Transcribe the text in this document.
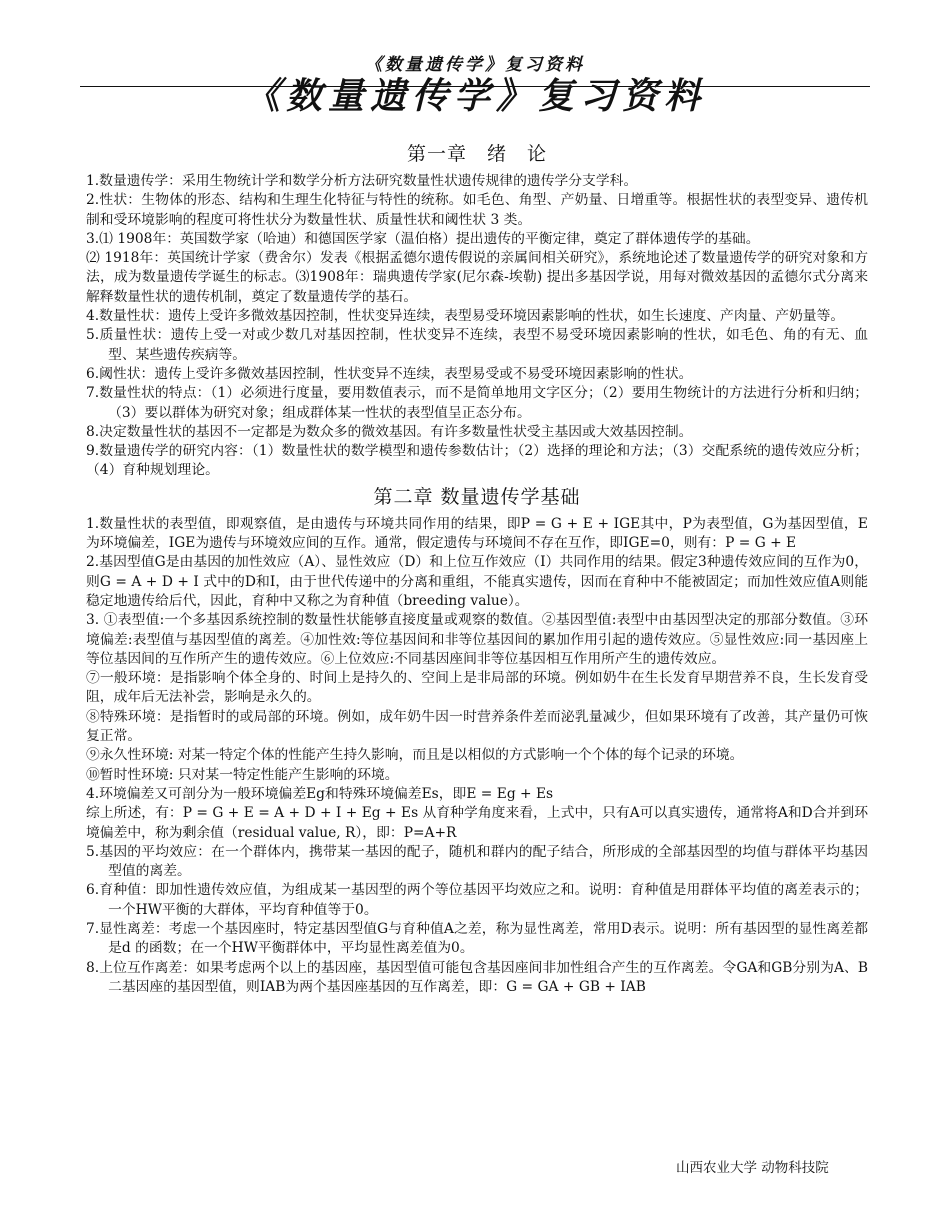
《数量遗传学》复习资料
《数量遗传学》复习资料
第一章　绪　论

1.数量遗传学：采用生物统计学和数学分析方法研究数量性状遗传规律的遗传学分支学科。

2.性状：生物体的形态、结构和生理生化特征与特性的统称。如毛色、角型、产奶量、日增重等。根据性状的表型变异、遗传机制和受环境影响的程度可将性状分为数量性状、质量性状和阈性状 3 类。

3.⑴ 1908年：英国数学家（哈迪）和德国医学家（温伯格）提出遗传的平衡定律，奠定了群体遗传学的基础。

⑵ 1918年：英国统计学家（费舍尔）发表《根据孟德尔遗传假说的亲属间相关研究》，系统地论述了数量遗传学的研究对象和方法，成为数量遗传学诞生的标志。⑶1908年：瑞典遗传学家(尼尔森-埃勒) 提出多基因学说，用每对微效基因的孟德尔式分离来解释数量性状的遗传机制，奠定了数量遗传学的基石。

4.数量性状：遗传上受许多微效基因控制，性状变异连续，表型易受环境因素影响的性状，如生长速度、产肉量、产奶量等。

5.质量性状：遗传上受一对或少数几对基因控制，性状变异不连续，表型不易受环境因素影响的性状，如毛色、角的有无、血型、某些遗传疾病等。

6.阈性状：遗传上受许多微效基因控制，性状变异不连续，表型易受或不易受环境因素影响的性状。

7.数量性状的特点：（1）必须进行度量，要用数值表示，而不是简单地用文字区分；（2）要用生物统计的方法进行分析和归纳；（3）要以群体为研究对象；组成群体某一性状的表型值呈正态分布。

8.决定数量性状的基因不一定都是为数众多的微效基因。有许多数量性状受主基因或大效基因控制。

9.数量遗传学的研究内容：（1）数量性状的数学模型和遗传参数估计；（2）选择的理论和方法；（3）交配系统的遗传效应分析；（4）育种规划理论。

第二章 数量遗传学基础

1.数量性状的表型值，即观察值，是由遗传与环境共同作用的结果，即P = G + E + IGE其中，P为表型值，G为基因型值，E为环境偏差，IGE为遗传与环境效应间的互作。通常，假定遗传与环境间不存在互作，即IGE=0，则有：P = G + E

2.基因型值G是由基因的加性效应（A）、显性效应（D）和上位互作效应（I）共同作用的结果。假定3种遗传效应间的互作为0，则G = A + D + I 式中的D和I，由于世代传递中的分离和重组，不能真实遗传，因而在育种中不能被固定；而加性效应值A则能稳定地遗传给后代，因此，育种中又称之为育种值（breeding value）。

3. ①表型值:一个多基因系统控制的数量性状能够直接度量或观察的数值。②基因型值:表型中由基因型决定的那部分数值。③环境偏差:表型值与基因型值的离差。④加性效:等位基因间和非等位基因间的累加作用引起的遗传效应。⑤显性效应:同一基因座上等位基因间的互作所产生的遗传效应。⑥上位效应:不同基因座间非等位基因相互作用所产生的遗传效应。

⑦一般环境：是指影响个体全身的、时间上是持久的、空间上是非局部的环境。例如奶牛在生长发育早期营养不良，生长发育受阻，成年后无法补尝，影响是永久的。

⑧特殊环境：是指暂时的或局部的环境。例如，成年奶牛因一时营养条件差而泌乳量减少，但如果环境有了改善，其产量仍可恢复正常。

⑨永久性环境: 对某一特定个体的性能产生持久影响，而且是以相似的方式影响一个个体的每个记录的环境。

⑩暂时性环境: 只对某一特定性能产生影响的环境。

4.环境偏差又可剖分为一般环境偏差Eg和特殊环境偏差Es，即E = Eg + Es

综上所述，有：P = G + E = A + D + I + Eg + Es 从育种学角度来看，上式中，只有A可以真实遗传，通常将A和D合并到环境偏差中，称为剩余值（residual value, R），即：P=A+R

5.基因的平均效应：在一个群体内，携带某一基因的配子，随机和群内的配子结合，所形成的全部基因型的均值与群体平均基因型值的离差。

6.育种值：即加性遗传效应值，为组成某一基因型的两个等位基因平均效应之和。说明：育种值是用群体平均值的离差表示的；一个HW平衡的大群体，平均育种值等于0。

7.显性离差：考虑一个基因座时，特定基因型值G与育种值A之差，称为显性离差，常用D表示。说明：所有基因型的显性离差都是d 的函数；在一个HW平衡群体中，平均显性离差值为0。

8.上位互作离差：如果考虑两个以上的基因座，基因型值可能包含基因座间非加性组合产生的互作离差。令GA和GB分别为A、B二基因座的基因型值，则IAB为两个基因座基因的互作离差，即：G = GA + GB + IAB

山西农业大学 动物科技院
